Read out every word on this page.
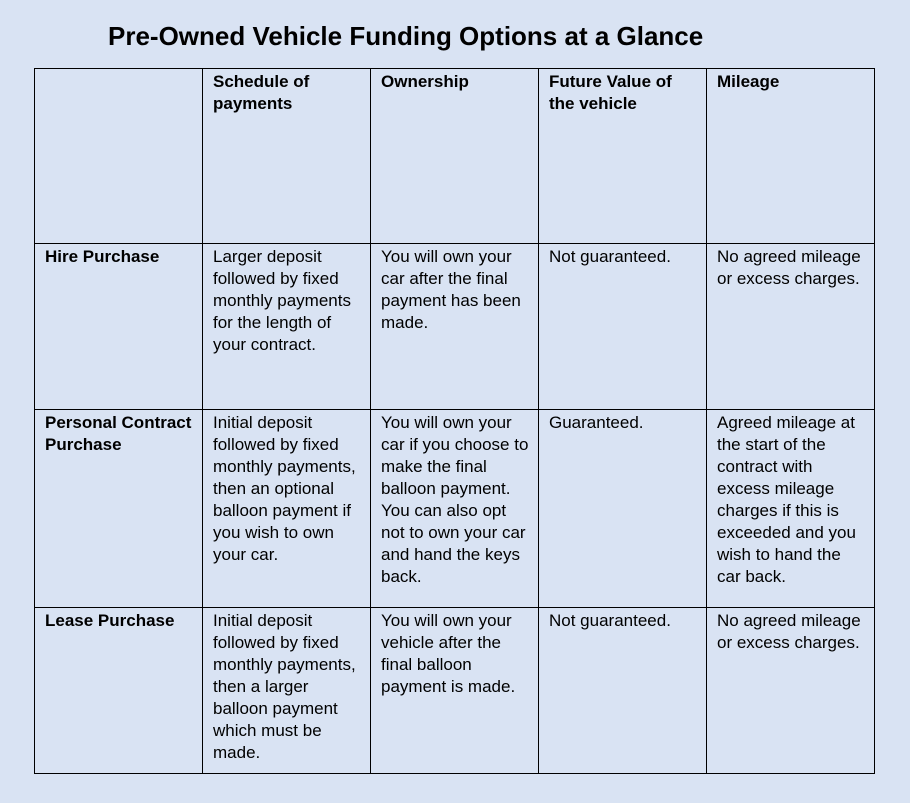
Pre-Owned Vehicle Funding Options at a Glance
	Schedule of payments	Ownership	Future Value of the vehicle	Mileage
Hire Purchase	Larger deposit followed by fixed monthly payments for the length of your contract.	You will own your car after the final payment has been made.	Not guaranteed.	No agreed mileage or excess charges.
Personal Contract Purchase	Initial deposit followed by fixed monthly payments, then an optional balloon payment if you wish to own your car.	You will own your car if you choose to make the final balloon payment. You can also opt not to own your car and hand the keys back.	Guaranteed.	Agreed mileage at the start of the contract with excess mileage charges if this is exceeded and you wish to hand the car back.
Lease Purchase	Initial deposit followed by fixed monthly payments, then a larger balloon payment which must be made.	You will own your vehicle after the final balloon payment is made.	Not guaranteed.	No agreed mileage or excess charges.
